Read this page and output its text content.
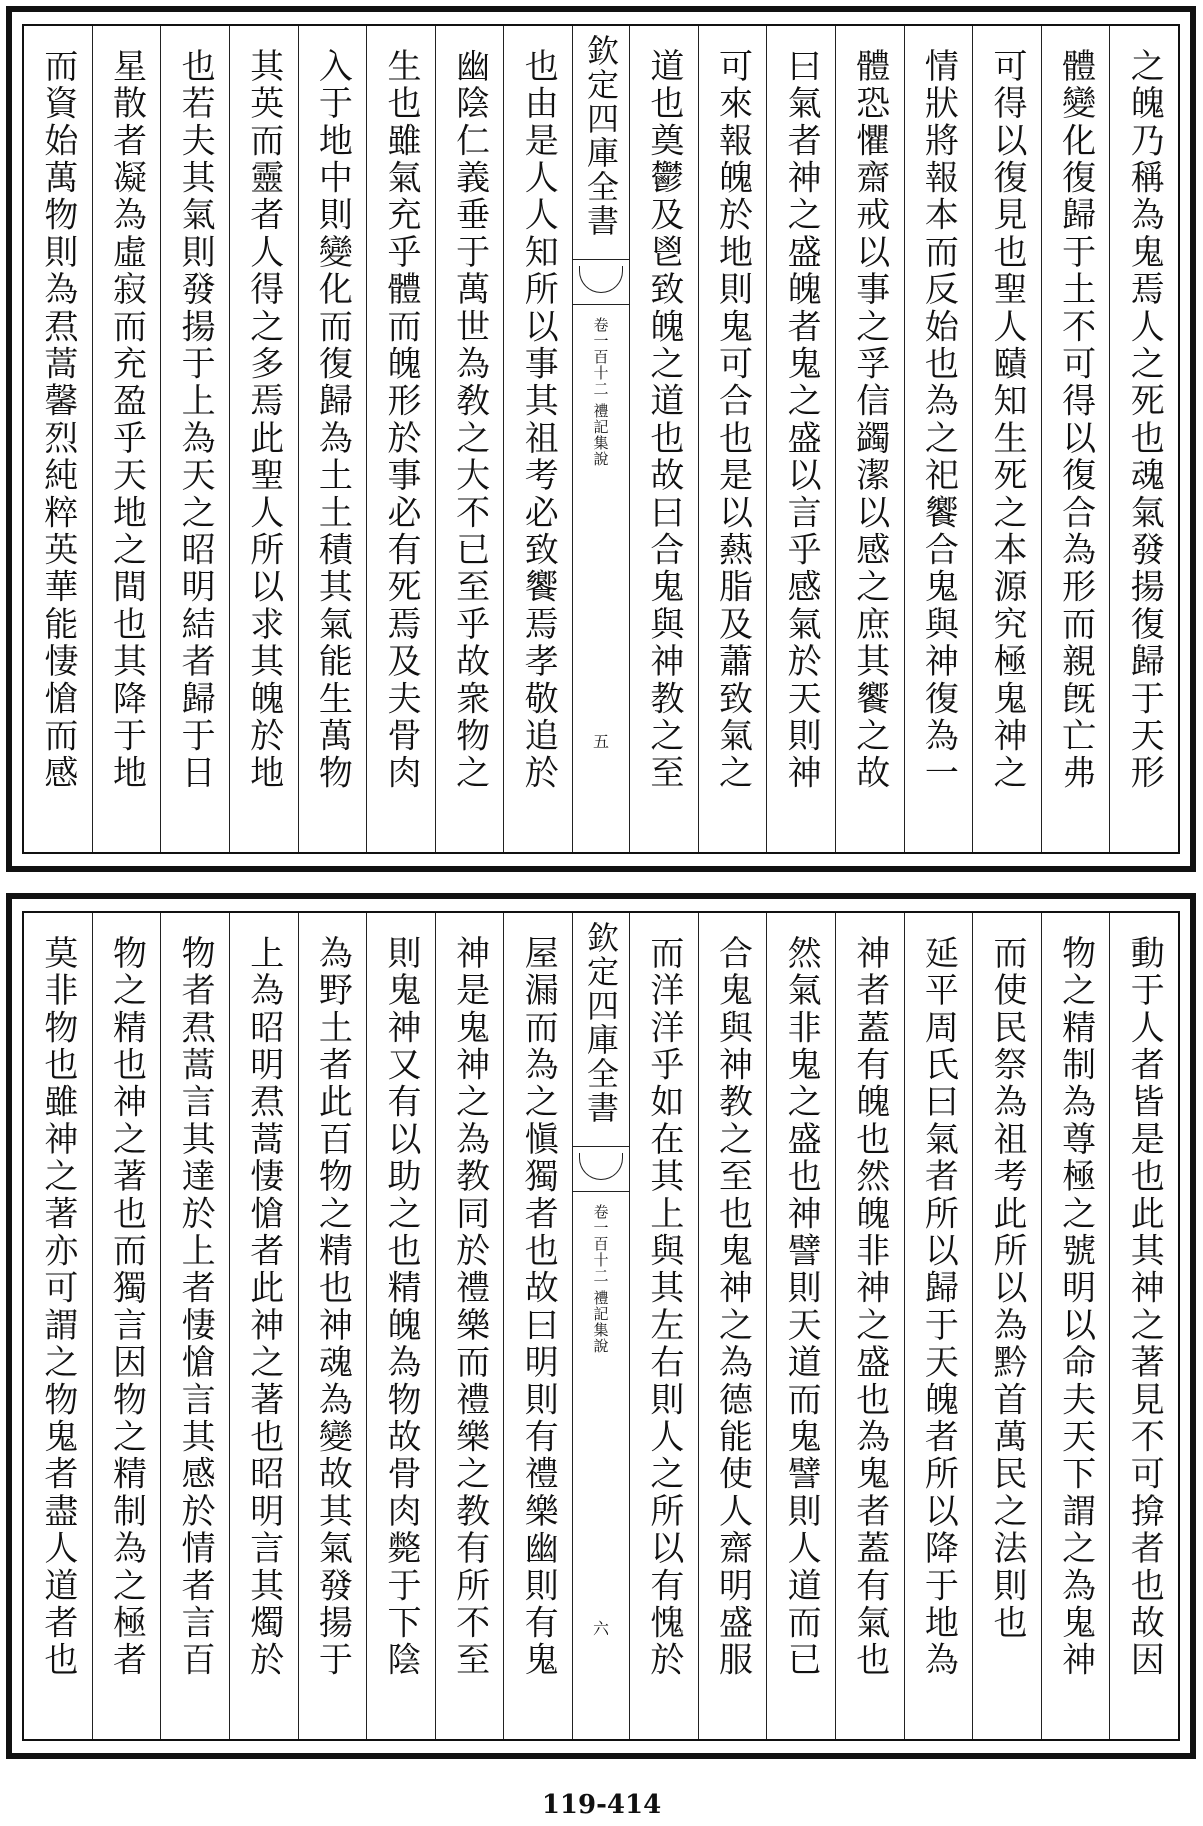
之魄乃稱為鬼焉人之死也魂氣發揚復歸于天形
體變化復歸于土不可得以復合為形而親旣亡弗
可得以復見也聖人賾知生死之本源究極鬼神之
情狀將報本而反始也為之祀饗合鬼與神復為一
體恐懼齋戒以事之孚信蠲潔以感之庶其饗之故
曰氣者神之盛魄者鬼之盛以言乎感氣於天則神
可來報魄於地則鬼可合也是以爇脂及蕭致氣之
道也奠鬱及鬯致魄之道也故曰合鬼與神教之至
欽定四庫全書
禮記集說
卷一百十二
五
也由是人人知所以事其祖考必致饗焉孝敬追於
幽陰仁義垂于萬世為敎之大不已至乎故衆物之
生也雖氣充乎體而魄形於事必有死焉及夫骨肉
入于地中則變化而復歸為土土積其氣能生萬物
其英而靈者人得之多焉此聖人所以求其魄於地
也若夫其氣則發揚于上為天之昭明結者歸于日
星散者凝為虛寂而充盈乎天地之間也其降于地
而資始萬物則為焄蒿馨烈純粹英華能悽愴而感
動于人者皆是也此其神之著見不可揜者也故因
物之精制為尊極之號明以命夫天下謂之為鬼神
而使民祭為祖考此所以為黔首萬民之法則也
延平周氏曰氣者所以歸于天魄者所以降于地為
神者蓋有魄也然魄非神之盛也為鬼者蓋有氣也
然氣非鬼之盛也神譬則天道而鬼譬則人道而已
合鬼與神教之至也鬼神之為德能使人齋明盛服
而洋洋乎如在其上與其左右則人之所以有愧於
欽定四庫全書
禮記集說
卷一百十二
六
屋漏而為之愼獨者也故曰明則有禮樂幽則有鬼
神是鬼神之為教同於禮樂而禮樂之教有所不至
則鬼神又有以助之也精魄為物故骨肉斃于下陰
為野土者此百物之精也神魂為變故其氣發揚于
上為昭明焄蒿悽愴者此神之著也昭明言其燭於
物者焄蒿言其達於上者悽愴言其感於情者言百
物之精也神之著也而獨言因物之精制為之極者
莫非物也雖神之著亦可謂之物鬼者盡人道者也
119-414
